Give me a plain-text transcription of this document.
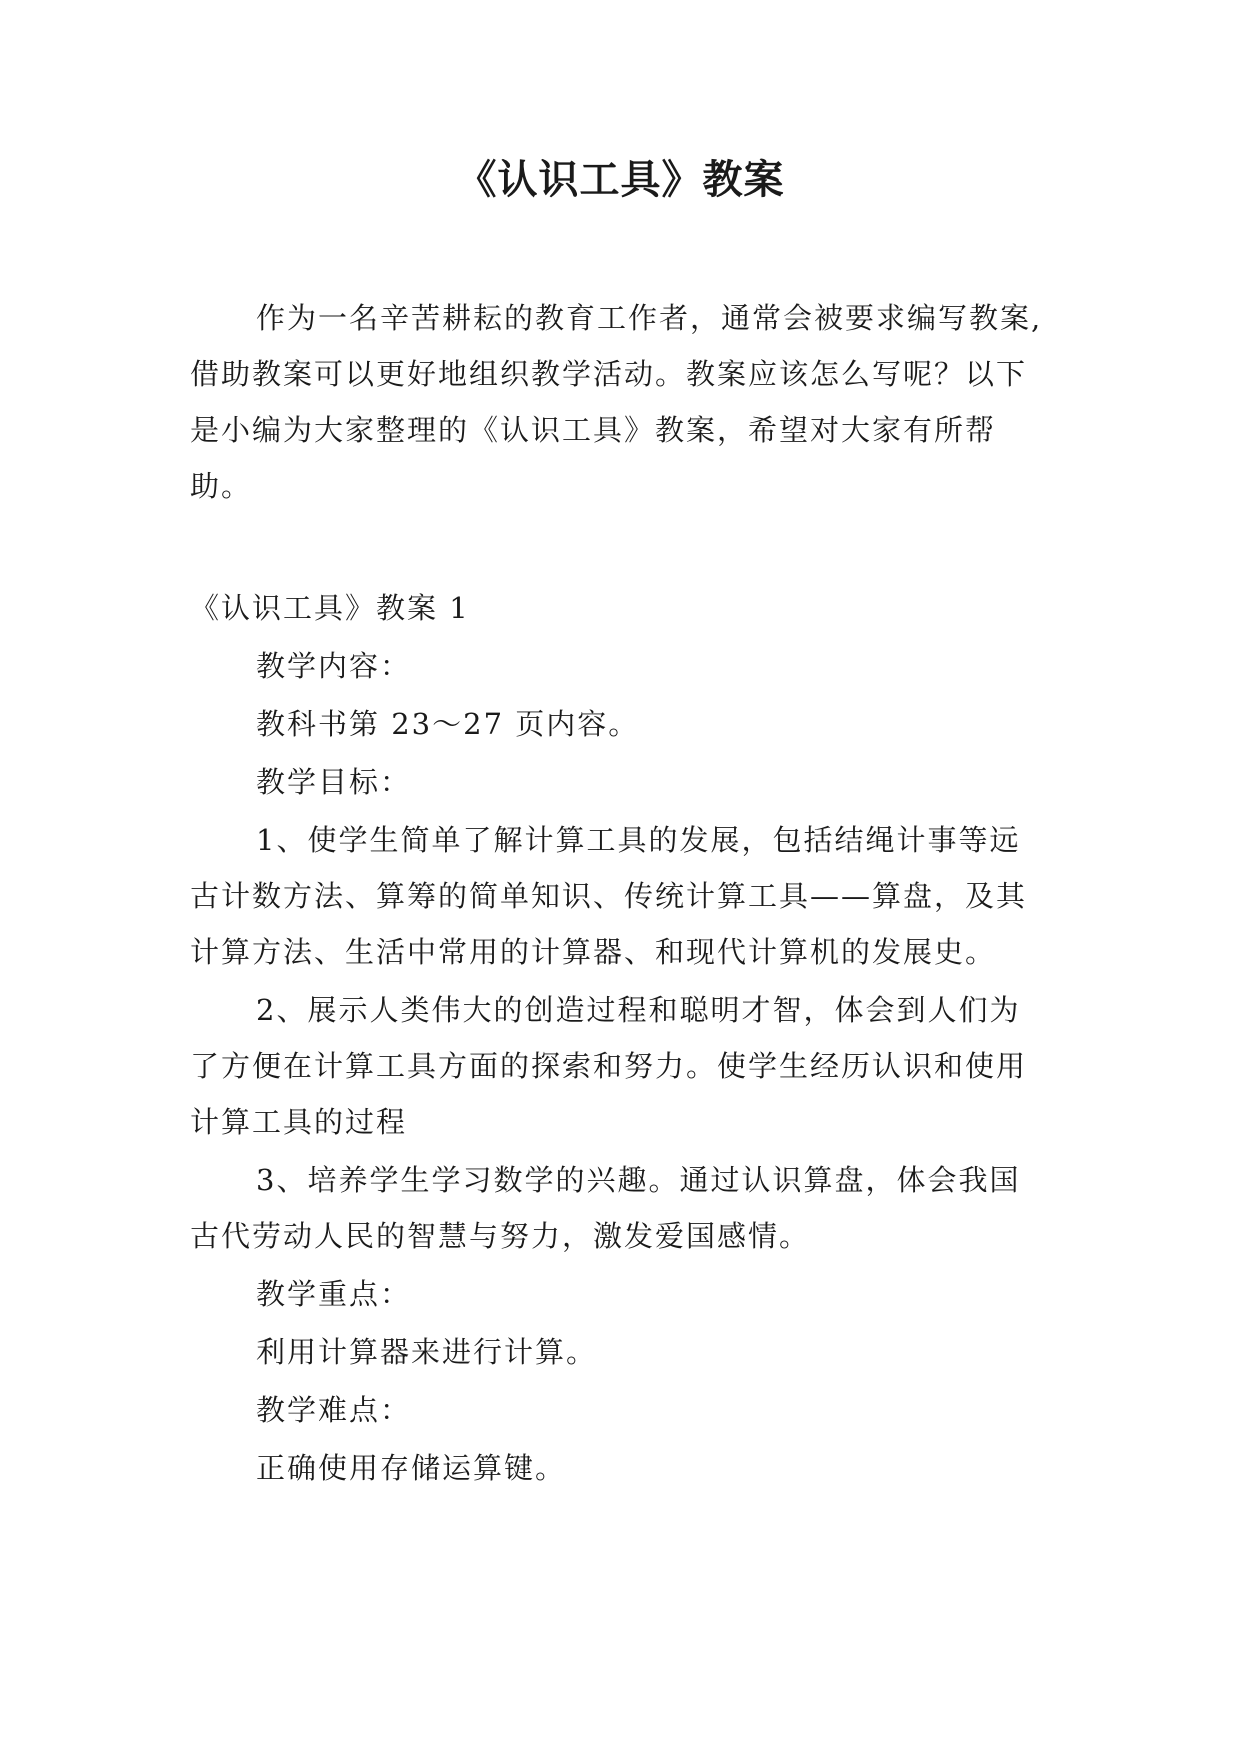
《认识工具》教案

作为一名辛苦耕耘的教育工作者，通常会被要求编写教案,借助教案可以更好地组织教学活动。教案应该怎么写呢？以下是小编为大家整理的《认识工具》教案，希望对大家有所帮助。

《认识工具》教案 1

教学内容：

教科书第 23～27 页内容。

教学目标：

1、使学生简单了解计算工具的发展，包括结绳计事等远古计数方法、算筹的简单知识、传统计算工具——算盘，及其计算方法、生活中常用的计算器、和现代计算机的发展史。

2、展示人类伟大的创造过程和聪明才智，体会到人们为了方便在计算工具方面的探索和努力。使学生经历认识和使用计算工具的过程

3、培养学生学习数学的兴趣。通过认识算盘，体会我国古代劳动人民的智慧与努力，激发爱国感情。

教学重点：

利用计算器来进行计算。

教学难点：

正确使用存储运算键。
